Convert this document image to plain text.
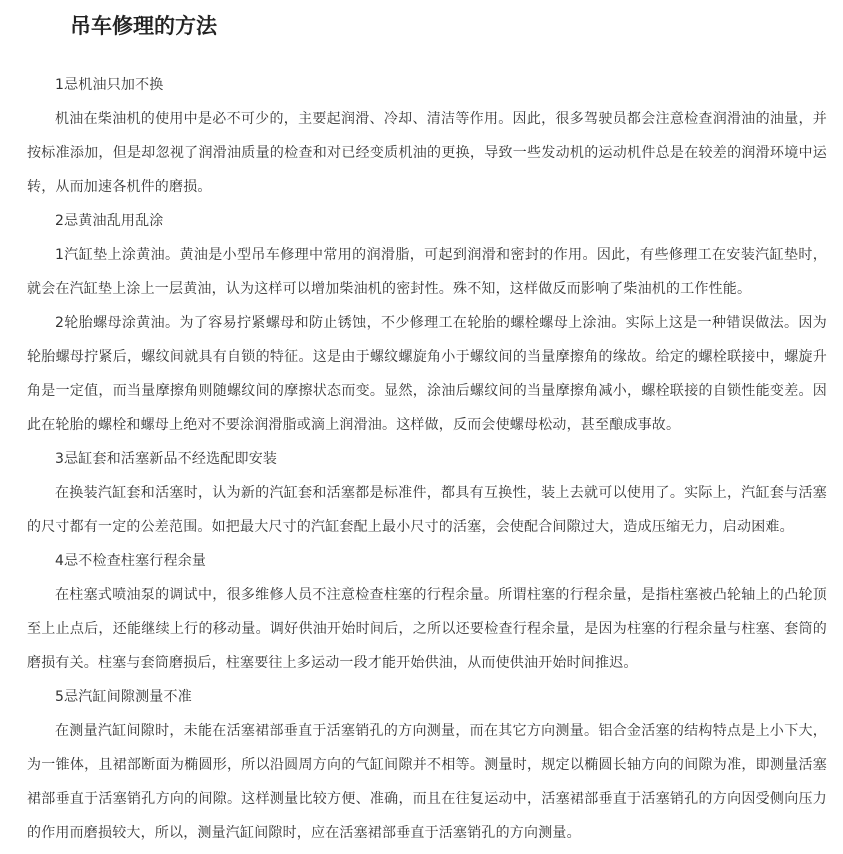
吊车修理的方法

1忌机油只加不换

机油在柴油机的使用中是必不可少的，主要起润滑、冷却、清洁等作用。因此，很多驾驶员都会注意检查润滑油的油量，并按标准添加，但是却忽视了润滑油质量的检查和对已经变质机油的更换，导致一些发动机的运动机件总是在较差的润滑环境中运转，从而加速各机件的磨损。

2忌黄油乱用乱涂

1汽缸垫上涂黄油。黄油是小型吊车修理中常用的润滑脂，可起到润滑和密封的作用。因此，有些修理工在安装汽缸垫时，就会在汽缸垫上涂上一层黄油，认为这样可以增加柴油机的密封性。殊不知，这样做反而影响了柴油机的工作性能。

2轮胎螺母涂黄油。为了容易拧紧螺母和防止锈蚀，不少修理工在轮胎的螺栓螺母上涂油。实际上这是一种错误做法。因为轮胎螺母拧紧后，螺纹间就具有自锁的特征。这是由于螺纹螺旋角小于螺纹间的当量摩擦角的缘故。给定的螺栓联接中，螺旋升角是一定值，而当量摩擦角则随螺纹间的摩擦状态而变。显然，涂油后螺纹间的当量摩擦角减小，螺栓联接的自锁性能变差。因此在轮胎的螺栓和螺母上绝对不要涂润滑脂或滴上润滑油。这样做，反而会使螺母松动，甚至酿成事故。

3忌缸套和活塞新品不经选配即安装

在换装汽缸套和活塞时，认为新的汽缸套和活塞都是标准件，都具有互换性，装上去就可以使用了。实际上，汽缸套与活塞的尺寸都有一定的公差范围。如把最大尺寸的汽缸套配上最小尺寸的活塞，会使配合间隙过大，造成压缩无力，启动困难。

4忌不检查柱塞行程余量

在柱塞式喷油泵的调试中，很多维修人员不注意检查柱塞的行程余量。所谓柱塞的行程余量，是指柱塞被凸轮轴上的凸轮顶至上止点后，还能继续上行的移动量。调好供油开始时间后，之所以还要检查行程余量，是因为柱塞的行程余量与柱塞、套筒的磨损有关。柱塞与套筒磨损后，柱塞要往上多运动一段才能开始供油，从而使供油开始时间推迟。

5忌汽缸间隙测量不准

在测量汽缸间隙时，未能在活塞裙部垂直于活塞销孔的方向测量，而在其它方向测量。铝合金活塞的结构特点是上小下大，为一锥体，且裙部断面为椭圆形，所以沿圆周方向的气缸间隙并不相等。测量时，规定以椭圆长轴方向的间隙为准，即测量活塞裙部垂直于活塞销孔方向的间隙。这样测量比较方便、准确，而且在往复运动中，活塞裙部垂直于活塞销孔的方向因受侧向压力的作用而磨损较大，所以，测量汽缸间隙时，应在活塞裙部垂直于活塞销孔的方向测量。
